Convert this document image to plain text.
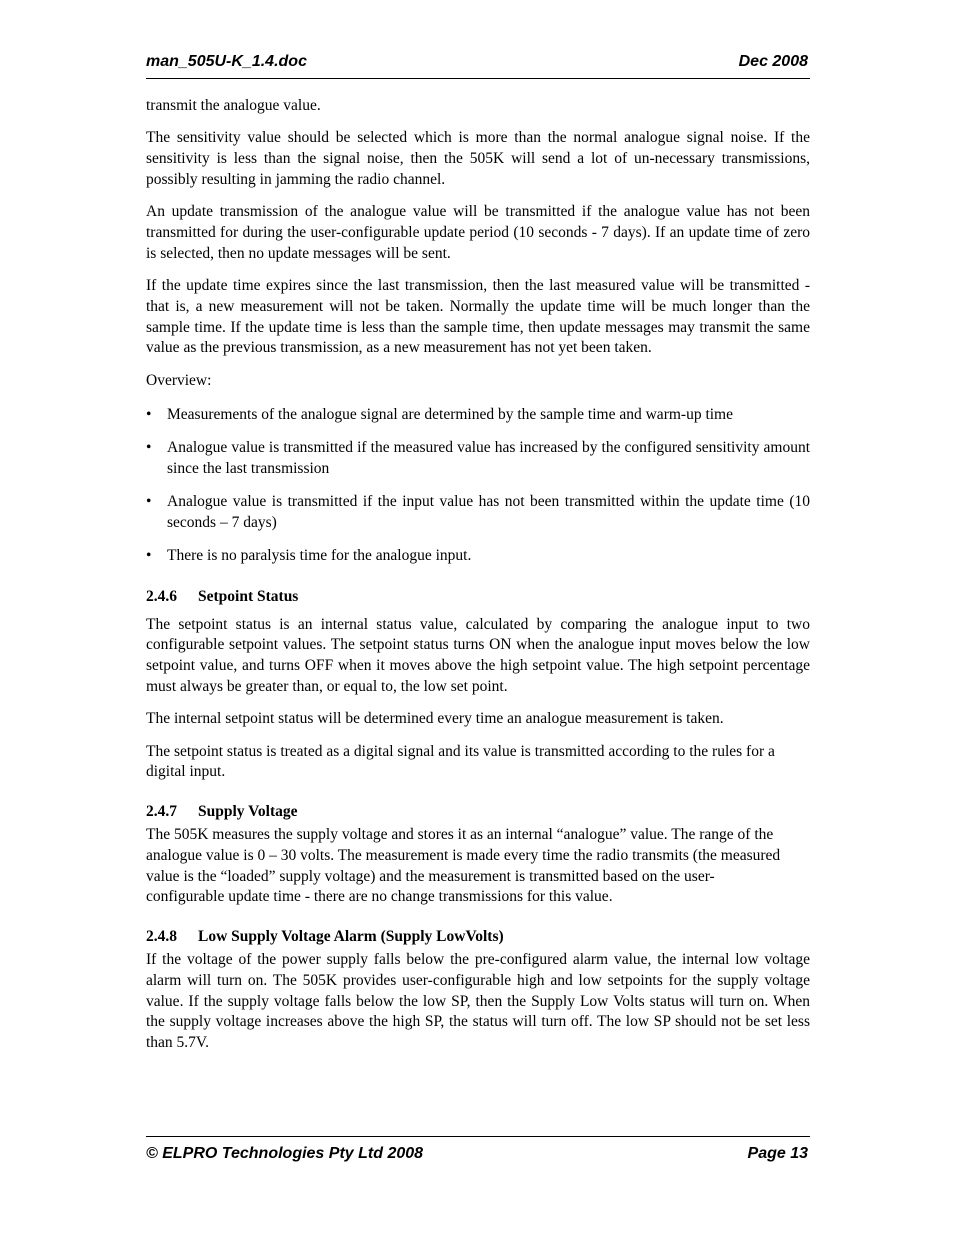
man_505U-K_1.4.doc	Dec 2008

transmit the analogue value.

The sensitivity value should be selected which is more than the normal analogue signal noise. If the sensitivity is less than the signal noise, then the 505K will send a lot of un-necessary transmissions, possibly resulting in jamming the radio channel.

An update transmission of the analogue value will be transmitted if the analogue value has not been transmitted for during the user-configurable update period (10 seconds - 7 days). If an update time of zero is selected, then no update messages will be sent.

If the update time expires since the last transmission, then the last measured value will be transmitted - that is, a new measurement will not be taken. Normally the update time will be much longer than the sample time. If the update time is less than the sample time, then update messages may transmit the same value as the previous transmission, as a new measurement has not yet been taken.

Overview:

• Measurements of the analogue signal are determined by the sample time and warm-up time
• Analogue value is transmitted if the measured value has increased by the configured sensitivity amount since the last transmission
• Analogue value is transmitted if the input value has not been transmitted within the update time (10 seconds – 7 days)
• There is no paralysis time for the analogue input.
2.4.6 Setpoint Status

The setpoint status is an internal status value, calculated by comparing the analogue input to two configurable setpoint values. The setpoint status turns ON when the analogue input moves below the low setpoint value, and turns OFF when it moves above the high setpoint value. The high setpoint percentage must always be greater than, or equal to, the low set point.

The internal setpoint status will be determined every time an analogue measurement is taken.

The setpoint status is treated as a digital signal and its value is transmitted according to the rules for a digital input.

2.4.7 Supply Voltage

The 505K measures the supply voltage and stores it as an internal “analogue” value. The range of the analogue value is 0 – 30 volts. The measurement is made every time the radio transmits (the measured value is the “loaded” supply voltage) and the measurement is transmitted based on the user-configurable update time - there are no change transmissions for this value.

2.4.8 Low Supply Voltage Alarm (Supply LowVolts)

If the voltage of the power supply falls below the pre-configured alarm value, the internal low voltage alarm will turn on. The 505K provides user-configurable high and low setpoints for the supply voltage value. If the supply voltage falls below the low SP, then the Supply Low Volts status will turn on. When the supply voltage increases above the high SP, the status will turn off. The low SP should not be set less than 5.7V.

© ELPRO Technologies Pty Ltd 2008	Page 13
